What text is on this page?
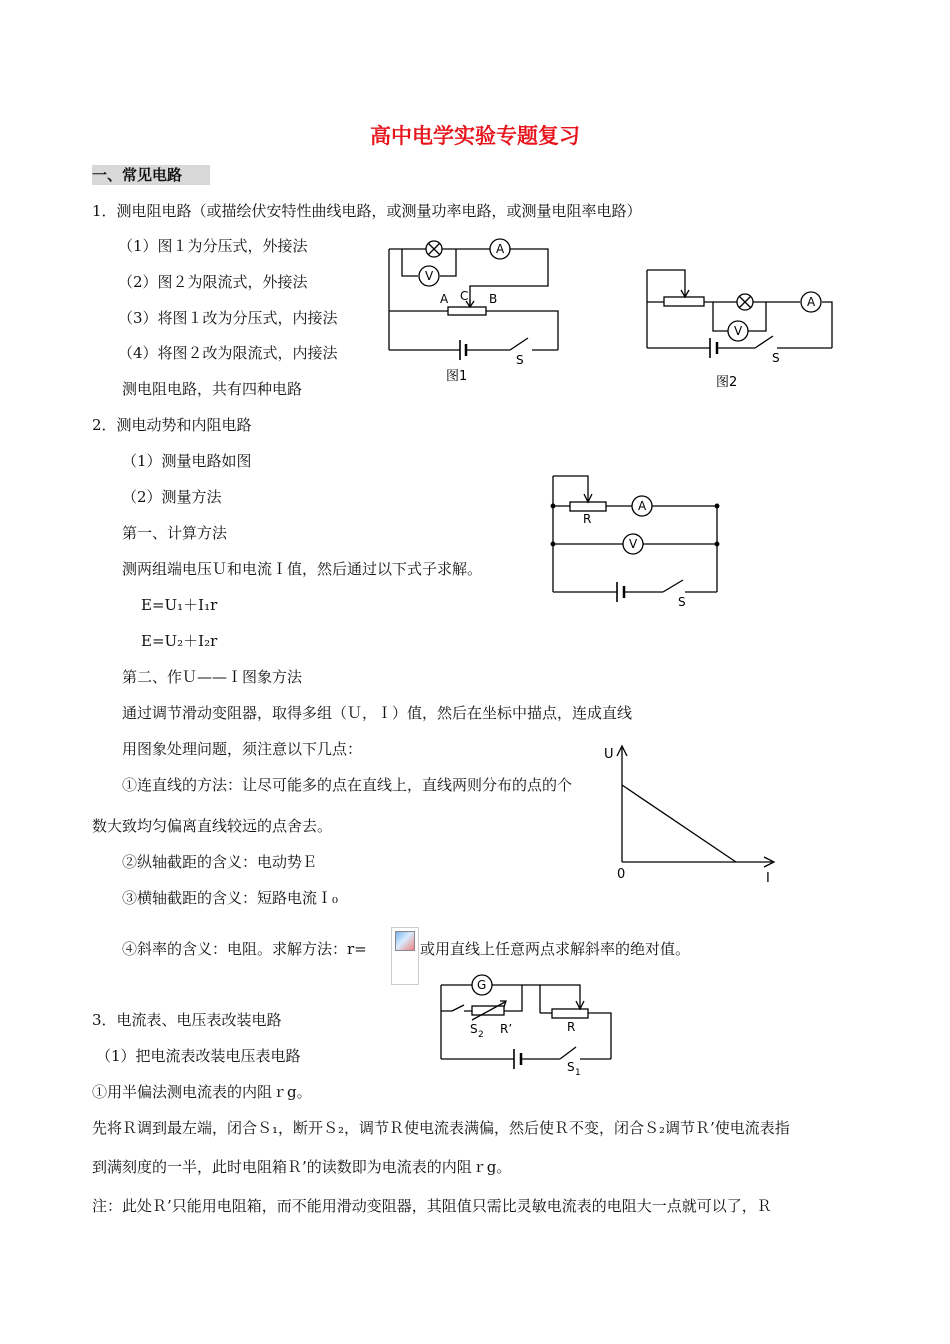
高中电学实验专题复习
一、常见电路
1．测电阻电路（或描绘伏安特性曲线电路，或测量功率电路，或测量电阻率电路）
（1）图１为分压式，外接法
（2）图２为限流式，外接法
（3）将图１改为分压式，内接法
（4）将图２改为限流式，内接法
测电阻电路，共有四种电路
2．测电动势和内阻电路
（1）测量电路如图
（2）测量方法
第一、计算方法
测两组端电压Ｕ和电流Ｉ值，然后通过以下式子求解。
E=U₁＋I₁r
E=U₂＋I₂r
第二、作Ｕ——Ｉ图象方法
通过调节滑动变阻器，取得多组（Ｕ，Ｉ）值，然后在坐标中描点，连成直线
用图象处理问题，须注意以下几点：
①连直线的方法：让尽可能多的点在直线上，直线两则分布的点的个
数大致均匀偏离直线较远的点舍去。
②纵轴截距的含义：电动势Ｅ
③横轴截距的含义：短路电流Ｉ₀
④斜率的含义：电阻。求解方法：r=	或用直线上任意两点求解斜率的绝对值。
3．电流表、电压表改装电路
（1）把电流表改装电压表电路
①用半偏法测电流表的内阻ｒg。
先将Ｒ调到最左端，闭合Ｓ₁，断开Ｓ₂，调节Ｒ使电流表满偏，然后使Ｒ不变，闭合Ｓ₂调节Ｒ’使电流表指
到满刻度的一半，此时电阻箱Ｒ’的读数即为电流表的内阻ｒg。
注：此处Ｒ’只能用电阻箱，而不能用滑动变阻器，其阻值只需比灵敏电流表的电阻大一点就可以了，Ｒ
A
V
A C B
S
图1
A
V
S
图2
A
V
R
S
U
I
0
G
S 2 R’	R
S 1
